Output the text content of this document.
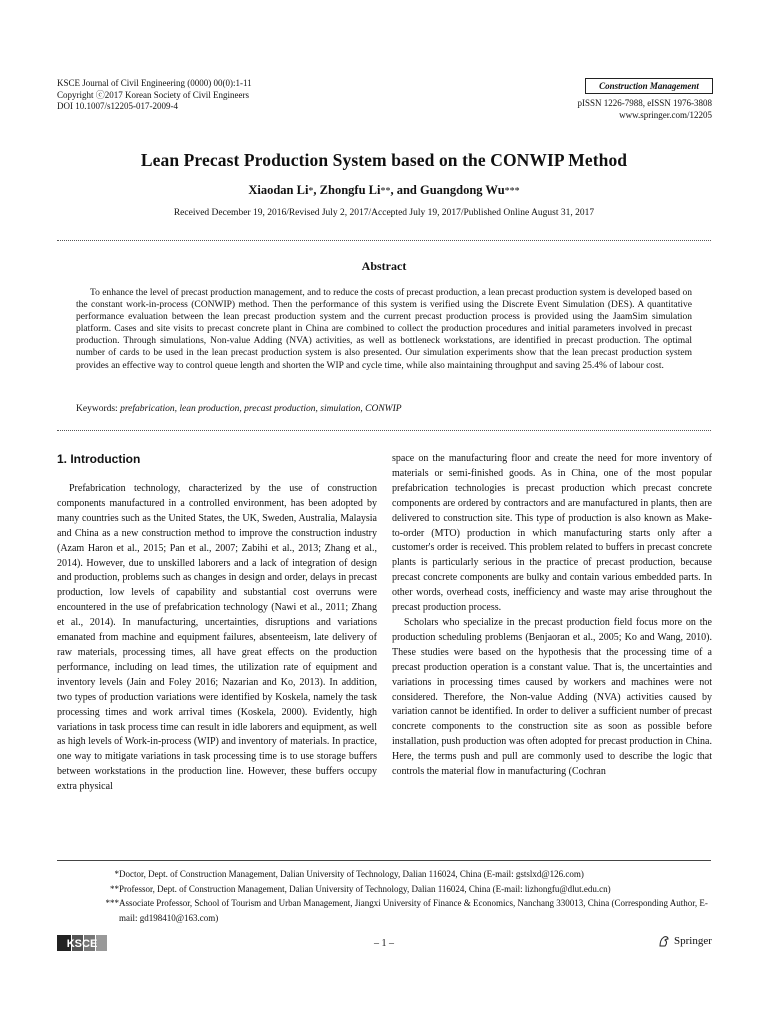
KSCE Journal of Civil Engineering (0000) 00(0):1-11
Copyright ⓒ2017 Korean Society of Civil Engineers
DOI 10.1007/s12205-017-2009-4
Construction Management
pISSN 1226-7988, eISSN 1976-3808
www.springer.com/12205
Lean Precast Production System based on the CONWIP Method
Xiaodan Li*, Zhongfu Li**, and Guangdong Wu***
Received December 19, 2016/Revised July 2, 2017/Accepted July 19, 2017/Published Online August 31, 2017
Abstract
To enhance the level of precast production management, and to reduce the costs of precast production, a lean precast production system is developed based on the constant work-in-process (CONWIP) method. Then the performance of this system is verified using the Discrete Event Simulation (DES). A quantitative performance evaluation between the lean precast production system and the current precast production process is provided using the JaamSim simulation platform. Cases and site visits to precast concrete plant in China are combined to collect the production procedures and initial parameters involved in precast production. Through simulations, Non-value Adding (NVA) activities, as well as bottleneck workstations, are identified in precast production. The optimal number of cards to be used in the lean precast production system is also presented. Our simulation experiments show that the lean precast production system provides an effective way to control queue length and shorten the WIP and cycle time, while also maintaining throughput and saving 25.4% of labour cost.
Keywords: prefabrication, lean production, precast production, simulation, CONWIP
1. Introduction

Prefabrication technology, characterized by the use of construction components manufactured in a controlled environment, has been adopted by many countries such as the United States, the UK, Sweden, Australia, Malaysia and China as a new construction method to improve the construction industry (Azam Haron et al., 2015; Pan et al., 2007; Zabihi et al., 2013; Zhang et al., 2014). However, due to unskilled laborers and a lack of integration of design and production, problems such as changes in design and order, delays in precast production, low levels of capability and substantial cost overruns were encountered in the use of prefabrication technology (Nawi et al., 2011; Zhang et al., 2014). In manufacturing, uncertainties, disruptions and variations emanated from machine and equipment failures, absenteeism, late delivery of raw materials, processing times, all have great effects on the production performance, including on lead times, the utilization rate of equipment and inventory levels (Jain and Foley 2016; Nazarian and Ko, 2013). In addition, two types of production variations were identified by Koskela, namely the task processing times and work arrival times (Koskela, 2000). Evidently, high variations in task process time can result in idle laborers and equipment, as well as high levels of Work-in-process (WIP) and inventory of materials. In practice, one way to mitigate variations in task processing time is to use storage buffers between workstations in the production line. However, these buffers occupy extra physical

space on the manufacturing floor and create the need for more inventory of materials or semi-finished goods. As in China, one of the most popular prefabrication technologies is precast production which precast concrete components are ordered by contractors and are manufactured in plants, then are delivered to construction site. This type of production is also known as Make-to-order (MTO) production in which manufacturing starts only after a customer's order is received. This problem related to buffers in precast concrete plants is particularly serious in the practice of precast production, because precast concrete components are bulky and contain various embedded parts. In other words, overhead costs, inefficiency and waste may arise throughout the precast production process.

Scholars who specialize in the precast production field focus more on the production scheduling problems (Benjaoran et al., 2005; Ko and Wang, 2010). These studies were based on the hypothesis that the processing time of a precast production operation is a constant value. That is, the uncertainties and variations in processing times caused by workers and machines were not considered. Therefore, the Non-value Adding (NVA) activities caused by variation cannot be identified. In order to deliver a sufficient number of precast concrete components to the construction site as soon as possible before installation, push production was often adopted for precast production in China. Here, the terms push and pull are commonly used to describe the logic that controls the material flow in manufacturing (Cochran

* Doctor, Dept. of Construction Management, Dalian University of Technology, Dalian 116024, China (E-mail: gstslxd@126.com)
** Professor, Dept. of Construction Management, Dalian University of Technology, Dalian 116024, China (E-mail: lizhongfu@dlut.edu.cn)
*** Associate Professor, School of Tourism and Urban Management, Jiangxi University of Finance & Economics, Nanchang 330013, China (Corresponding Author, E-mail: gd198410@163.com)
KSCE	– 1 –	Springer
